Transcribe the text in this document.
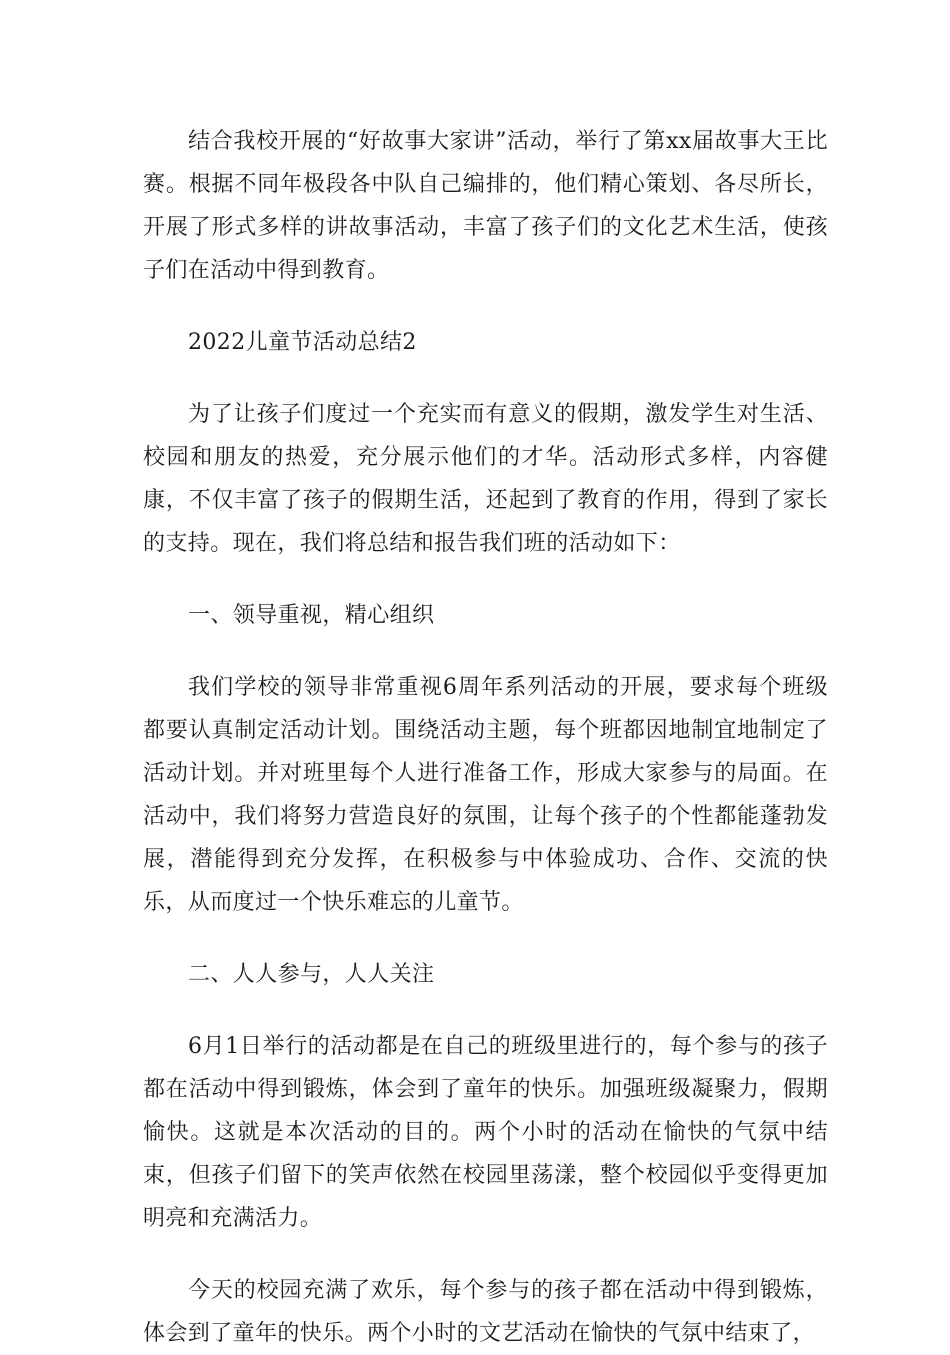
结合我校开展的“好故事大家讲”活动，举行了第xx届故事大王比赛。根据不同年极段各中队自己编排的，他们精心策划、各尽所长，开展了形式多样的讲故事活动，丰富了孩子们的文化艺术生活，使孩子们在活动中得到教育。

2022儿童节活动总结2

为了让孩子们度过一个充实而有意义的假期，激发学生对生活、校园和朋友的热爱，充分展示他们的才华。活动形式多样，内容健康，不仅丰富了孩子的假期生活，还起到了教育的作用，得到了家长的支持。现在，我们将总结和报告我们班的活动如下：

一、领导重视，精心组织

我们学校的领导非常重视6周年系列活动的开展，要求每个班级都要认真制定活动计划。围绕活动主题，每个班都因地制宜地制定了活动计划。并对班里每个人进行准备工作，形成大家参与的局面。在活动中，我们将努力营造良好的氛围，让每个孩子的个性都能蓬勃发展，潜能得到充分发挥，在积极参与中体验成功、合作、交流的快乐，从而度过一个快乐难忘的儿童节。

二、人人参与，人人关注

6月1日举行的活动都是在自己的班级里进行的，每个参与的孩子都在活动中得到锻炼，体会到了童年的快乐。加强班级凝聚力，假期愉快。这就是本次活动的目的。两个小时的活动在愉快的气氛中结束，但孩子们留下的笑声依然在校园里荡漾，整个校园似乎变得更加明亮和充满活力。

今天的校园充满了欢乐，每个参与的孩子都在活动中得到锻炼，体会到了童年的快乐。两个小时的文艺活动在愉快的气氛中结束了，
